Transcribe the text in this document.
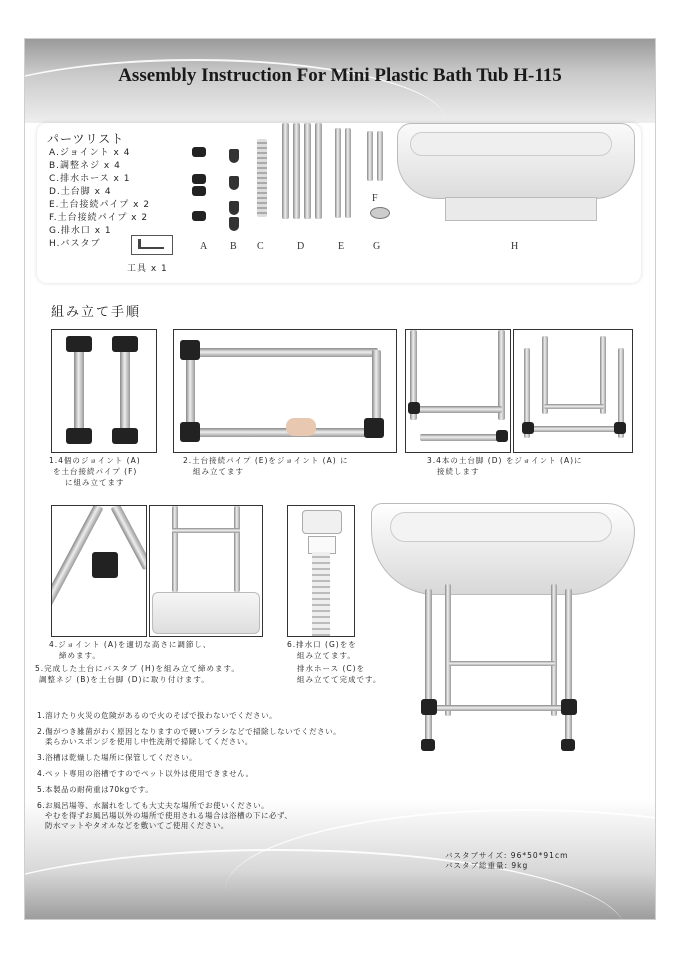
Assembly Instruction For Mini Plastic Bath Tub H-115
パーツリスト
A.ジョイント x 4
B.調整ネジ x 4
C.排水ホース x 1
D.土台脚 x 4
E.土台接続パイプ x 2
F.土台接続パイプ x 2
G.排水口 x 1
H.バスタブ
工具 x 1
F
A B C	D	E	G	H
組み立て手順
1.4個のジョイント (A)
を土台接続パイプ (F)
に組み立てます
2.土台接続パイプ (E)をジョイント (A) に
組み立てます
3.4本の土台脚 (D) をジョイント (A)に
接続します
4.ジョイント (A)を適切な高さに調節し、
締めます。
5.完成した土台にバスタブ (H)を組み立て締めます。
調整ネジ (B)を土台脚 (D)に取り付けます。
6.排水口 (G)をを
組み立てます。
排水ホース (C)を
組み立てて完成です。
1.溶けたり火災の危険があるので火のそばで扱わないでください。
2.傷がつき雑菌がわく原因となりますので硬いブラシなどで掃除しないでください。
柔らかいスポンジを使用し中性洗剤で掃除してください。
3.浴槽は乾燥した場所に保管してください。
4.ペット専用の浴槽ですのでペット以外は使用できません。
5.本製品の耐荷重は70kgです。
6.お風呂場等、水漏れをしても大丈夫な場所でお使いください。
やむを得ずお風呂場以外の場所で使用される場合は浴槽の下に必ず、
防水マットやタオルなどを敷いてご使用ください。
バスタブサイズ: 96*50*91cm
バスタブ総重量: 9kg
